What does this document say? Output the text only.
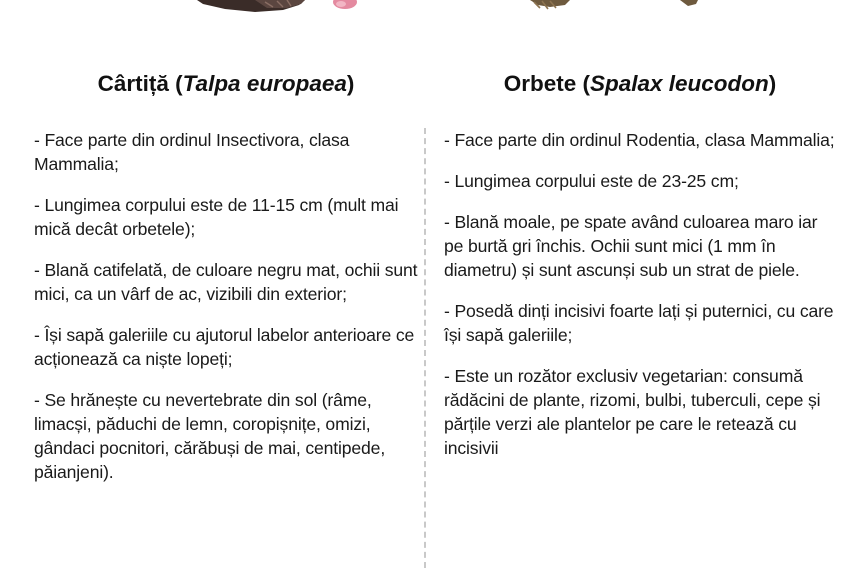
Cârtiță (Talpa europaea)
- Face parte din ordinul Insectivora, clasa Mammalia;
- Lungimea corpului este de 11-15 cm (mult mai mică decât orbetele);
- Blană catifelată, de culoare negru mat, ochii sunt mici, ca un vârf de ac, vizibili din exterior;
- Își sapă galeriile cu ajutorul labelor anterioare ce acționează ca niște lopeți;
- Se hrănește cu nevertebrate din sol (râme, limacși, păduchi de lemn, coropișnițe, omizi, gândaci pocnitori, cărăbuși de mai, centipede, păianjeni).
Orbete (Spalax leucodon)
- Face parte din ordinul Rodentia, clasa Mammalia;
- Lungimea corpului este de 23-25 cm;
- Blană moale, pe spate având culoarea maro iar pe burtă gri închis. Ochii sunt mici (1 mm în diametru) și sunt ascunși sub un strat de piele.
- Posedă dinți incisivi foarte lați și puternici, cu care își sapă galeriile;
- Este un rozător exclusiv vegetarian: consumă rădăcini de plante, rizomi, bulbi, tuberculi, cepe și părțile verzi ale plantelor pe care le retează cu incisivii
